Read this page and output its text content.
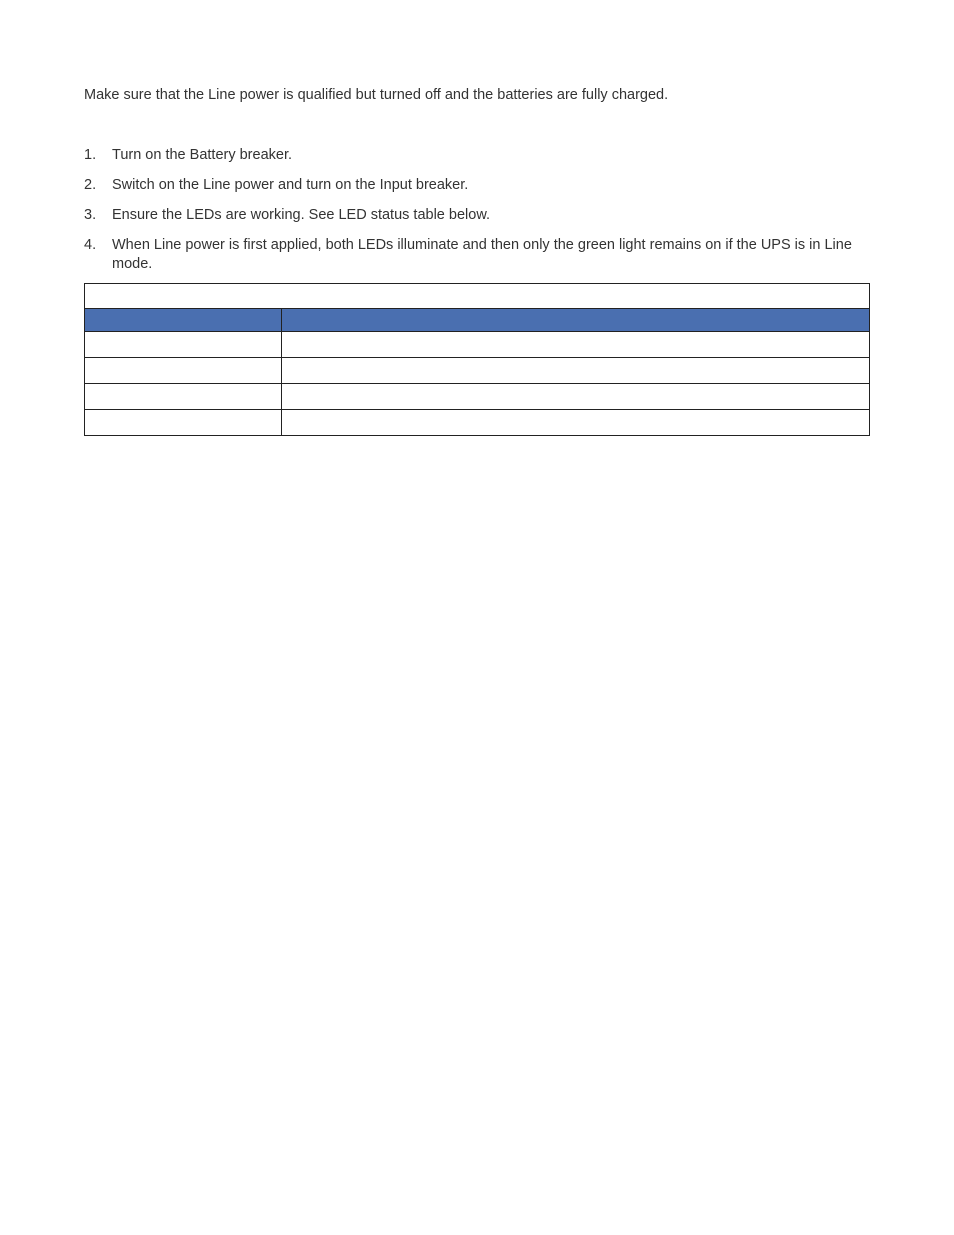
Make sure that the Line power is qualified but turned off and the batteries are fully charged.

1. Turn on the Battery breaker.
2. Switch on the Line power and turn on the Input breaker.
3. Ensure the LEDs are working. See LED status table below.
4. When Line power is first applied, both LEDs illuminate and then only the green light remains on if the UPS is in Line mode.
